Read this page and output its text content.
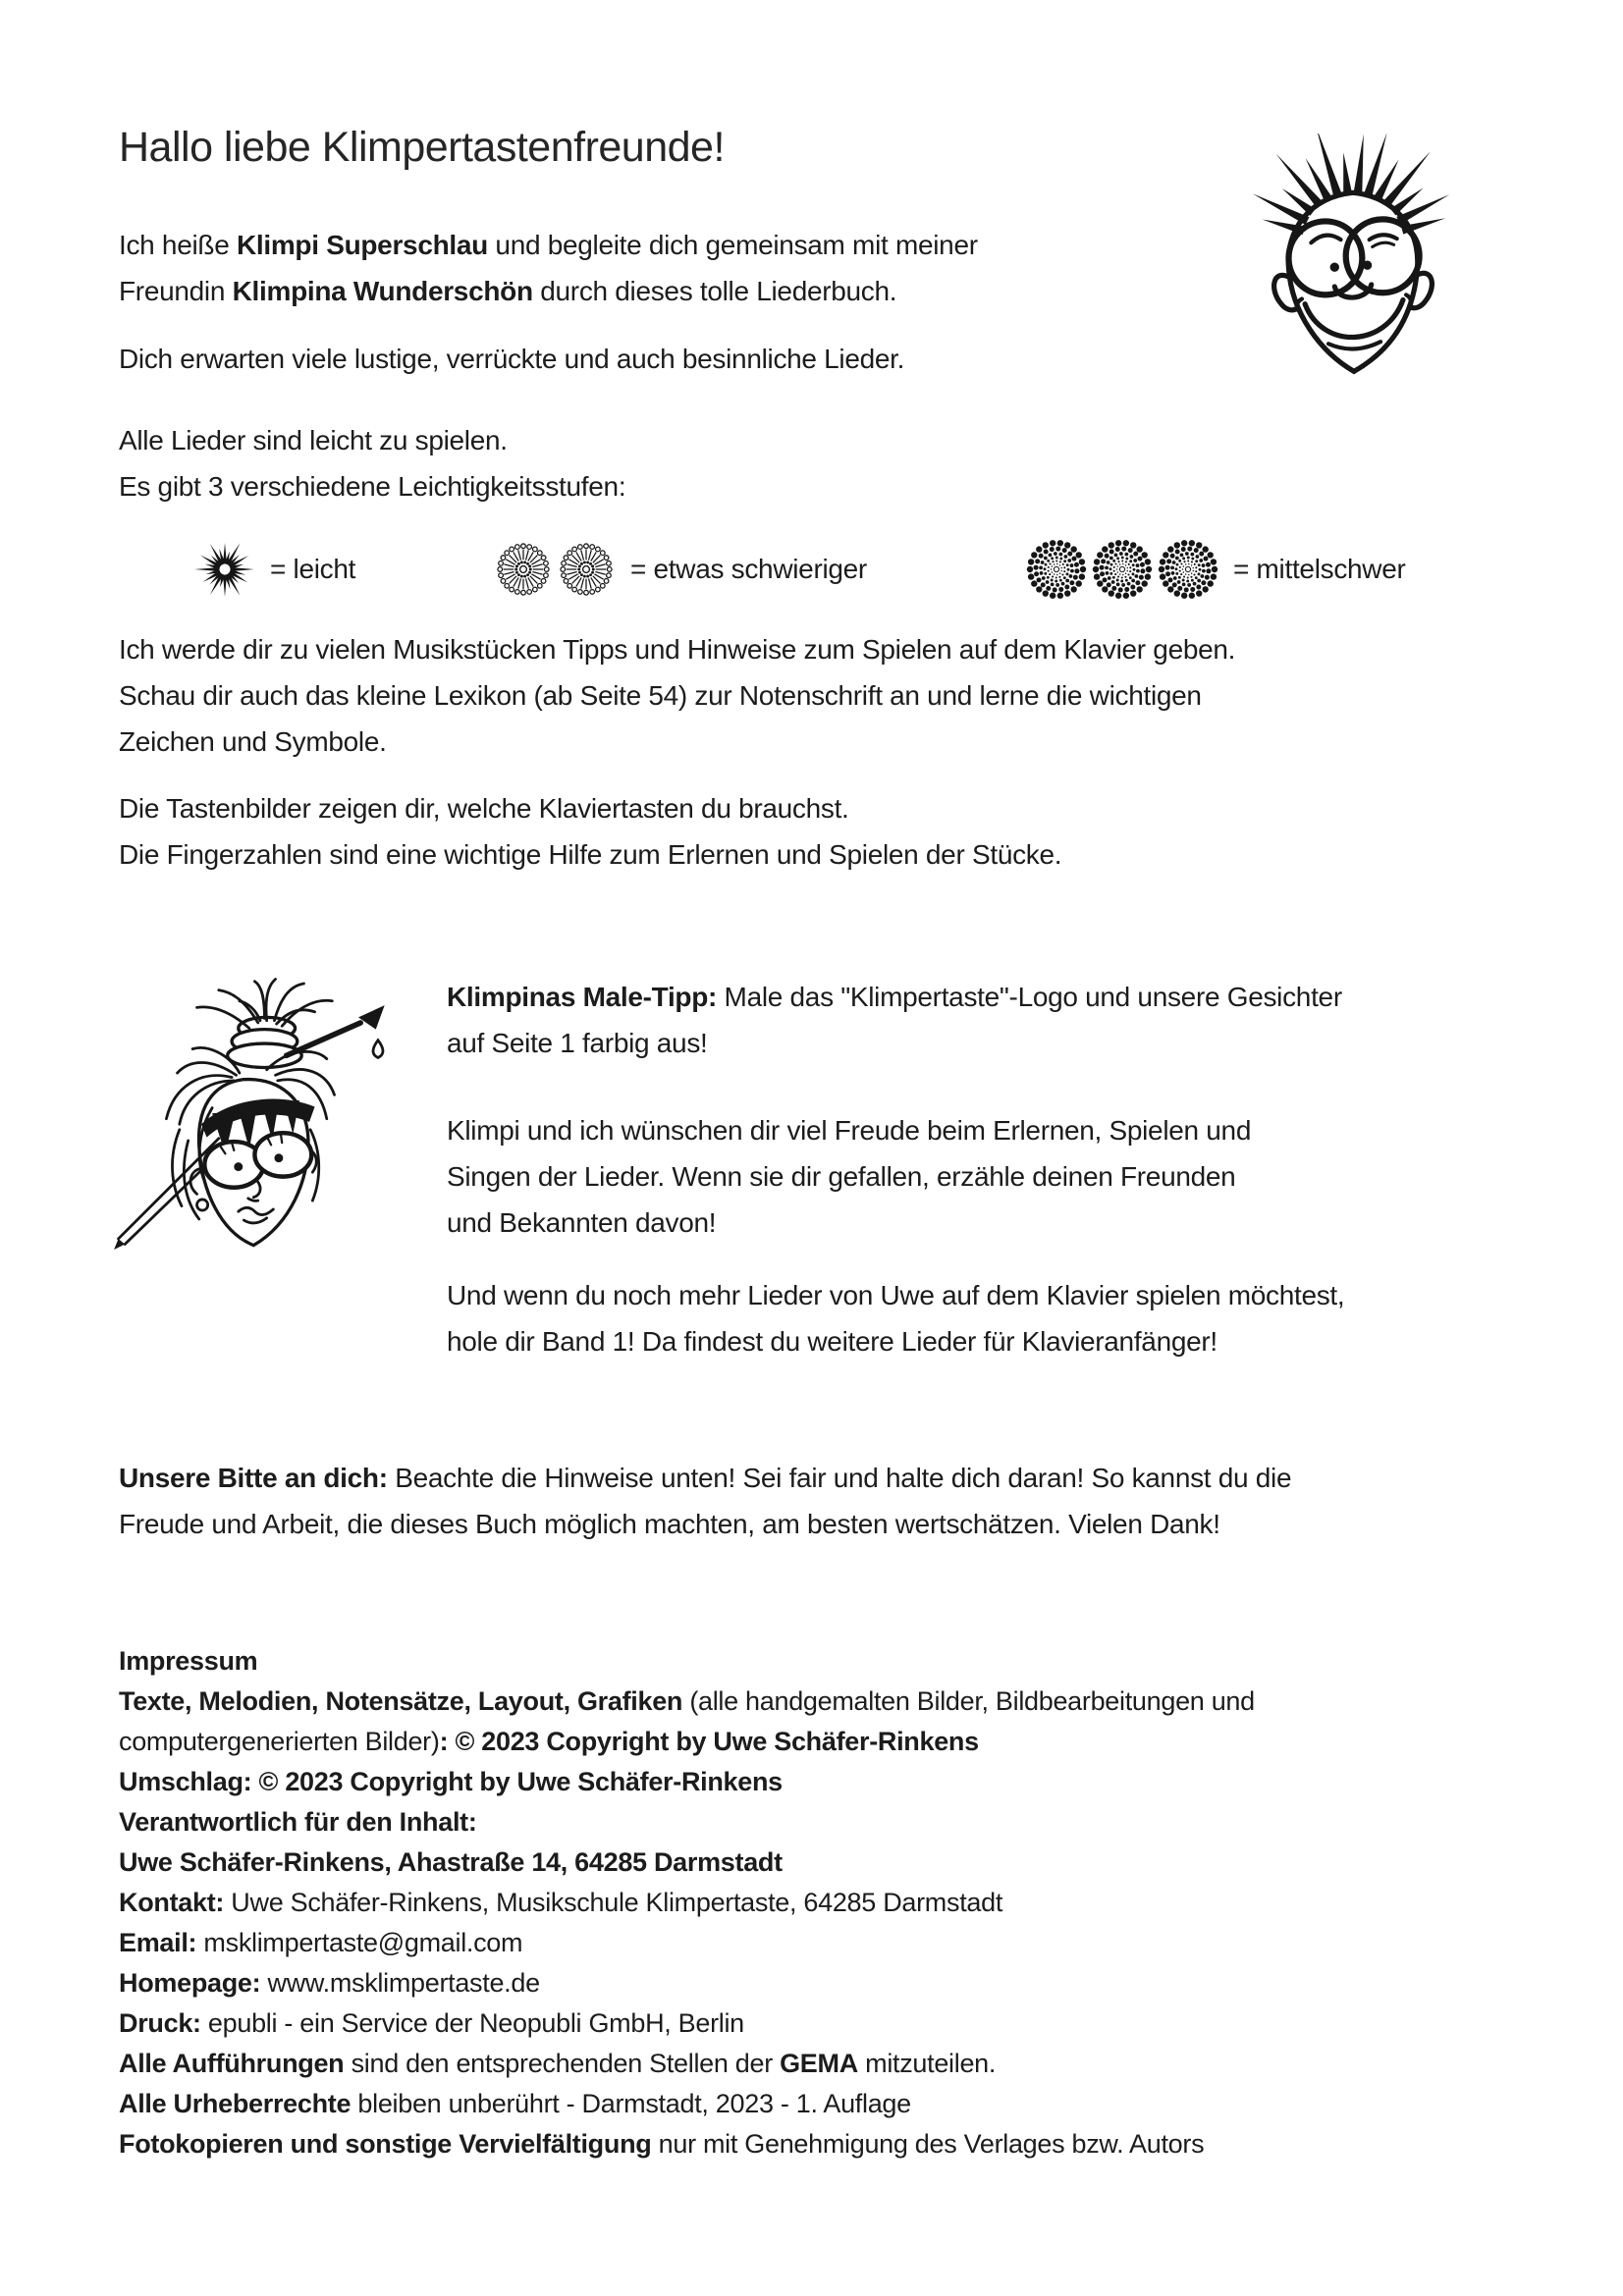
Hallo liebe Klimpertastenfreunde!
Ich heiße Klimpi Superschlau und begleite dich gemeinsam mit meiner
Freundin Klimpina Wunderschön durch dieses tolle Liederbuch.
Dich erwarten viele lustige, verrückte und auch besinnliche Lieder.
Alle Lieder sind leicht zu spielen.
Es gibt 3 verschiedene Leichtigkeitsstufen:
= leicht	= etwas schwieriger	= mittelschwer
Ich werde dir zu vielen Musikstücken Tipps und Hinweise zum Spielen auf dem Klavier geben.
Schau dir auch das kleine Lexikon (ab Seite 54) zur Notenschrift an und lerne die wichtigen
Zeichen und Symbole.
Die Tastenbilder zeigen dir, welche Klaviertasten du brauchst.
Die Fingerzahlen sind eine wichtige Hilfe zum Erlernen und Spielen der Stücke.
Klimpinas Male-Tipp: Male das "Klimpertaste"-Logo und unsere Gesichter
auf Seite 1 farbig aus!
Klimpi und ich wünschen dir viel Freude beim Erlernen, Spielen und
Singen der Lieder. Wenn sie dir gefallen, erzähle deinen Freunden
und Bekannten davon!
Und wenn du noch mehr Lieder von Uwe auf dem Klavier spielen möchtest,
hole dir Band 1! Da findest du weitere Lieder für Klavieranfänger!
Unsere Bitte an dich: Beachte die Hinweise unten! Sei fair und halte dich daran! So kannst du die
Freude und Arbeit, die dieses Buch möglich machten, am besten wertschätzen. Vielen Dank!
Impressum
Texte, Melodien, Notensätze, Layout, Grafiken (alle handgemalten Bilder, Bildbearbeitungen und
computergenerierten Bilder): © 2023 Copyright by Uwe Schäfer-Rinkens
Umschlag: © 2023 Copyright by Uwe Schäfer-Rinkens
Verantwortlich für den Inhalt:
Uwe Schäfer-Rinkens, Ahastraße 14, 64285 Darmstadt
Kontakt: Uwe Schäfer-Rinkens, Musikschule Klimpertaste, 64285 Darmstadt
Email: msklimpertaste@gmail.com
Homepage: www.msklimpertaste.de
Druck: epubli - ein Service der Neopubli GmbH, Berlin
Alle Aufführungen sind den entsprechenden Stellen der GEMA mitzuteilen.
Alle Urheberrechte bleiben unberührt - Darmstadt, 2023 - 1. Auflage
Fotokopieren und sonstige Vervielfältigung nur mit Genehmigung des Verlages bzw. Autors
